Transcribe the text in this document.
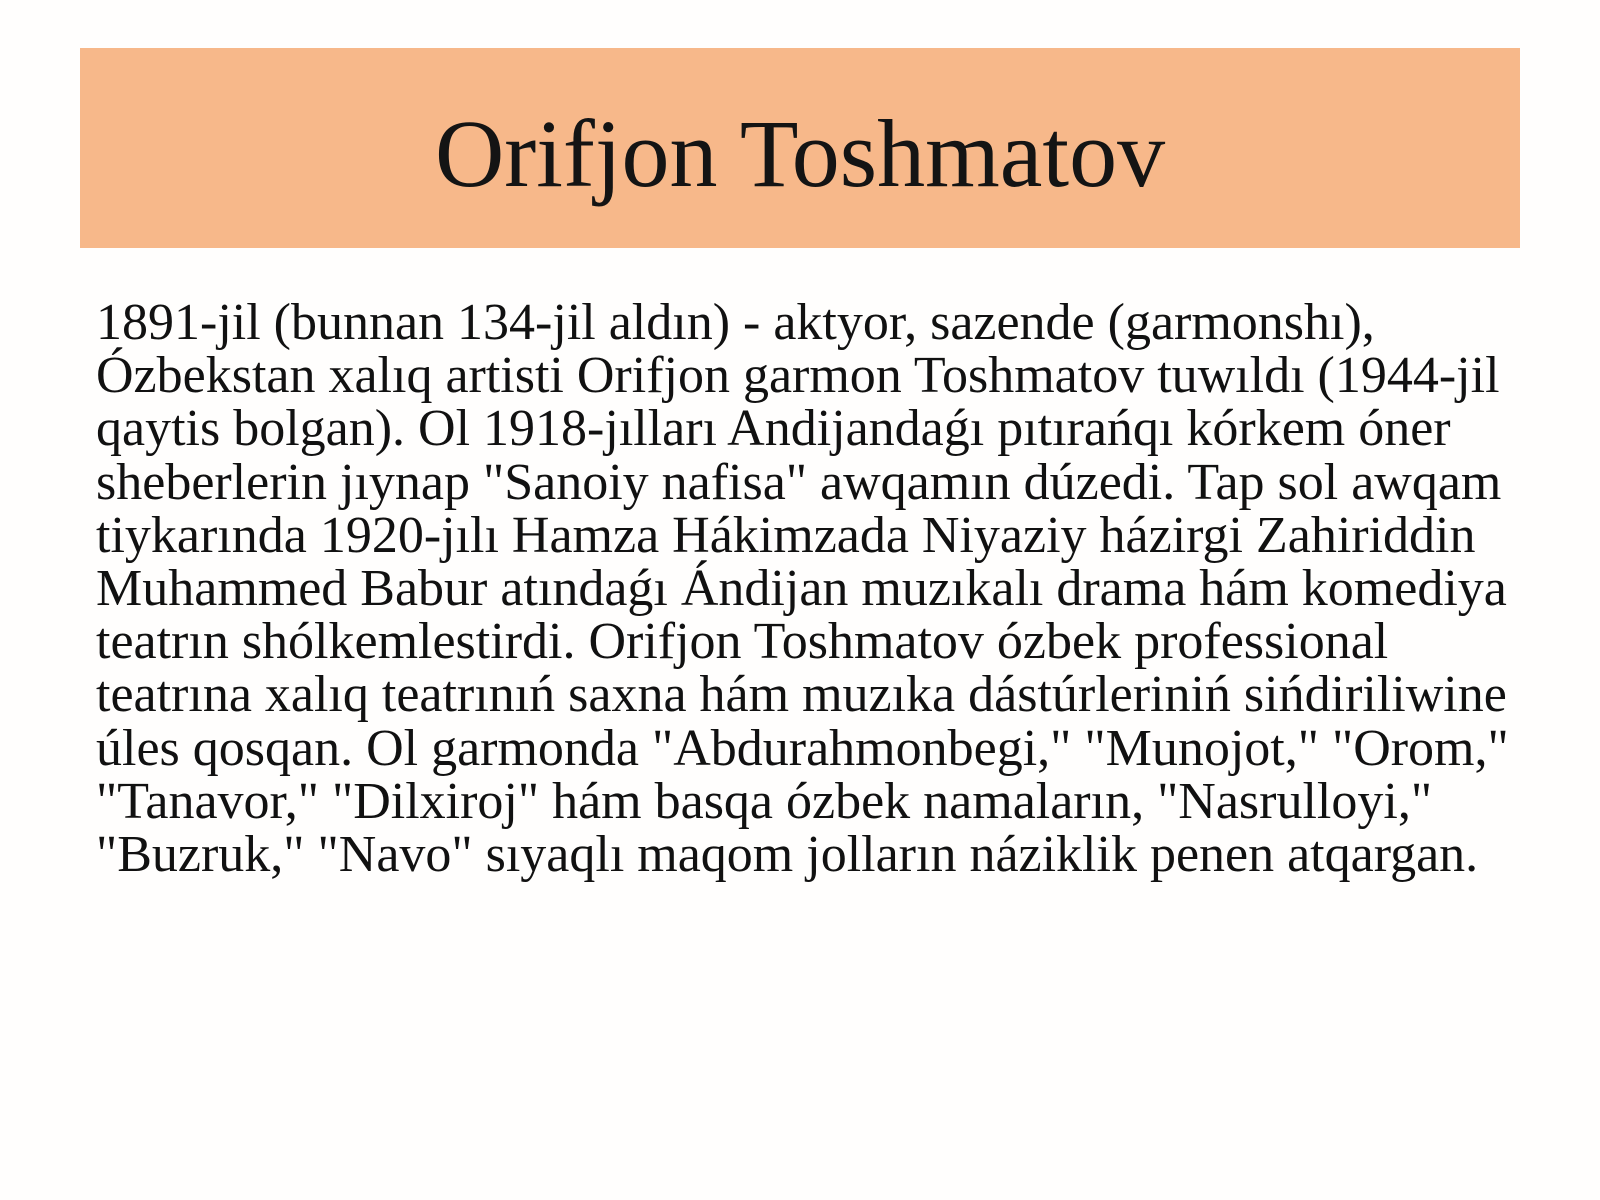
Orifjon Toshmatov

1891-jil (bunnan 134-jil aldın) - aktyor, sazende (garmonshı), Ózbekstan xalıq artisti Orifjon garmon Toshmatov tuwıldı (1944-jil qaytis bolgan). Ol 1918-jılları Andijandaǵı pıtırańqı kórkem óner sheberlerin jıynap "Sanoiy nafisa" awqamın dúzedi. Tap sol awqam tiykarında 1920-jılı Hamza Hákimzada Niyaziy házirgi Zahiriddin Muhammed Babur atındaǵı Ándijan muzıkalı drama hám komediya teatrın shólkemlestirdi. Orifjon Toshmatov ózbek professional teatrına xalıq teatrınıń saxna hám muzıka dástúrleriniń sińdiriliwine úles qosqan. Ol garmonda "Abdurahmonbegi," "Munojot," "Orom," "Tanavor," "Dilxiroj" hám basqa ózbek namaların, "Nasrulloyi," "Buzruk," "Navo" sıyaqlı maqom jolların náziklik penen atqargan.
